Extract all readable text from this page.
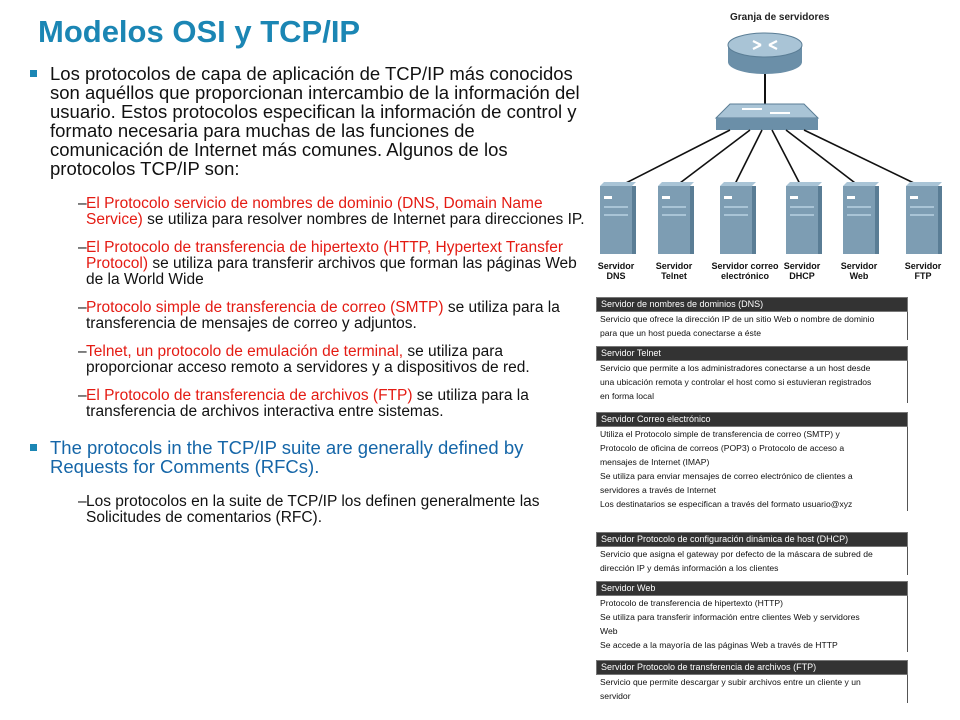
Modelos OSI y TCP/IP
Los protocolos de capa de aplicación de TCP/IP más conocidos son aquéllos que proporcionan intercambio de la información del usuario. Estos protocolos especifican la información de control y formato necesaria para muchas de las funciones de comunicación de Internet más comunes. Algunos de los protocolos TCP/IP son:
– El Protocolo servicio de nombres de dominio (DNS, Domain Name Service) se utiliza para resolver nombres de Internet para direcciones IP.
– El Protocolo de transferencia de hipertexto (HTTP, Hypertext Transfer Protocol) se utiliza para transferir archivos que forman las páginas Web de la World Wide
– Protocolo simple de transferencia de correo (SMTP) se utiliza para la transferencia de mensajes de correo y adjuntos.
– Telnet, un protocolo de emulación de terminal, se utiliza para proporcionar acceso remoto a servidores y a dispositivos de red.
– El Protocolo de transferencia de archivos (FTP) se utiliza para la transferencia de archivos interactiva entre sistemas.
The protocols in the TCP/IP suite are generally defined by Requests for Comments (RFCs).
– Los protocolos en la suite de TCP/IP los definen generalmente las Solicitudes de comentarios (RFC).
Granja de servidores
Servidor
DNS
Servidor
Telnet
Servidor correo
electrónico
Servidor
DHCP
Servidor
Web
Servidor
FTP
Servidor de nombres de dominios (DNS)
Servicio que ofrece la dirección IP de un sitio Web o nombre de dominio
para que un host pueda conectarse a éste
Servidor Telnet
Servicio que permite a los administradores conectarse a un host desde
una ubicación remota y controlar el host como si estuvieran registrados
en forma local
Servidor Correo electrónico
Utiliza el Protocolo simple de transferencia de correo (SMTP) y
Protocolo de oficina de correos (POP3) o Protocolo de acceso a
mensajes de Internet (IMAP)
Se utiliza para enviar mensajes de correo electrónico de clientes a
servidores a través de Internet
Los destinatarios se especifican a través del formato usuario@xyz
Servidor Protocolo de configuración dinámica de host (DHCP)
Servicio que asigna el gateway por defecto de la máscara de subred de
dirección IP y demás información a los clientes
Servidor Web
Protocolo de transferencia de hipertexto (HTTP)
Se utiliza para transferir información entre clientes Web y servidores
Web
Se accede a la mayoría de las páginas Web a través de HTTP
Servidor Protocolo de transferencia de archivos (FTP)
Servicio que permite descargar y subir archivos entre un cliente y un
servidor
